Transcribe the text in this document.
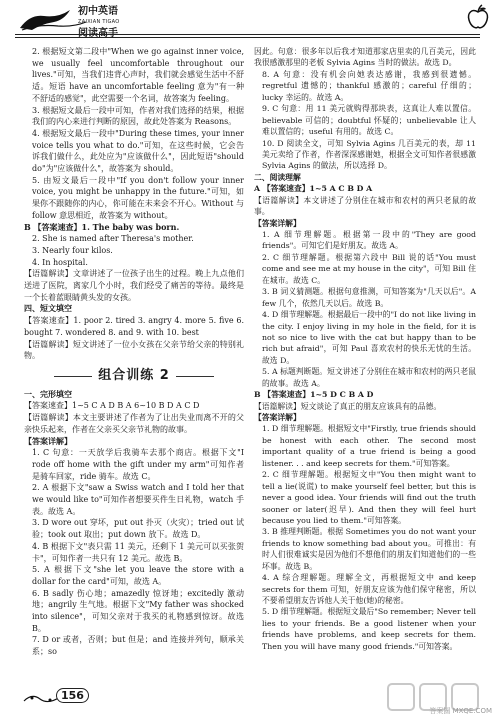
初中英语
ZAIXIAN TIGAO
阅读高手

2. 根据短文第二段中"When we go against inner voice, we usually feel uncomfortable throughout our lives."可知，当我们违背心声时，我们就会感觉生活中不舒适。短语 have an uncomfortable feeling 意为"有一种不舒适的感觉"，此空需要一个名词，故答案为 feeling。

3. 根据短文最后一段中可知，作者对我们选择的结果，根据我们的内心来进行判断的原因，故此处答案为 Reasons。

4. 根据短文最后一段中"During these times, your inner voice tells you what to do."可知，在这些时候，它会告诉我们做什么，此处应为"应该做什么"，因此短语"should do"为"应该做什么"，故答案为 should。

5. 由短文最后一段中"If you don't follow your inner voice, you might be unhappy in the future."可知，如果你不跟随你的内心，你可能在未来会不开心。Without 与 follow 意思相近，故答案为 without。

B 【答案速查】1. The baby was born.

2. She is named after Theresa's mother.

3. Nearly four kilos.

4. In hospital.

【语篇解读】文章讲述了一位孩子出生的过程。晚上九点他们送进了医院，离家几个小时，我们经受了痛苦的等待。最终是一个长着蓝眼睛黄头发的女孩。

四、短文填空

【答案速查】1. poor 2. tired 3. angry 4. more 5. five 6. bought 7. wondered 8. and 9. with 10. best

【语篇解读】短文讲述了一位小女孩在父亲节给父亲的特别礼物。

组合训练 2

一、完形填空

【答案速查】1~5 C A D B A 6~10 B D A C D

【语篇解读】本文主要讲述了作者为了让出失业而离不开的父亲快乐起来，作者在父亲买父亲节礼物的故事。

【答案详解】

1. C 句意：一天放学后我骑车去那个商店。根据下文"I rode off home with the gift under my arm"可知作者是骑车回家，ride 骑车。故选 C。

2. A 根据下文"saw a Swiss watch and I told her that we would like to"可知作者想要买件生日礼物，watch 手表。故选 A。

3. D wore out 穿坏，put out 扑灭（火灾）；tried out 试验；took out 取出；put down 放下。故选 D。

4. B 根据下文"表只需 11 美元，还剩下 1 美元可以买张贺卡"，可知作者一共只有 12 美元。故选 B。

5. A 根据下文"she let you leave the store with a dollar for the card"可知，故选 A。

6. B sadly 伤心地；amazedly 惊讶地；excitedly 激动地；angrily 生气地。根据下文"My father was shocked into silence"，可知父亲对于我买的礼物感到惊讶。故选 B。

7. D or 或者，否则；but 但是；and 连接并列句，顺承关系；so

因此。句意：很多年以后我才知道那家店里卖的几百美元，因此我很感激那里的老板 Sylvia Agins 当时的做法。故选 D。

8. A 句意：没有机会向她表达感谢，我感到很遗憾。regretful 遗憾的；thankful 感激的；careful 仔细的；lucky 幸运的。故选 A。

9. C 句意：用 11 美元就购得那块表，这真让人难以置信。believable 可信的；doubtful 怀疑的；unbelievable 让人难以置信的；useful 有用的。故选 C。

10. D 阅读全文，可知 Sylvia Agins 几百美元的表，却 11 美元卖给了作者，作者深深感谢她，根据全文可知作者很感激 Sylvia Agins 的做法，所以选择 D。

二、阅读理解

A 【答案速查】1~5 A C B D A

【语篇解读】本文讲述了分别住在城市和农村的两只老鼠的故事。

【答案详解】

1. A 细节理解题。根据第一段中的"They are good friends"。可知它们是好朋友。故选 A。

2. C 细节理解题。根据第六段中 Bill 说的话"You must come and see me at my house in the city"，可知 Bill 住在城市。故选 C。

3. B 词义猜测题。根据句意推测，可知答案为"几天以后"。A few 几个，依然几天以后。故选 B。

4. D 细节理解题。根据最后一段中的"I do not like living in the city. I enjoy living in my hole in the field, for it is not so nice to live with the cat but happy than to be rich but afraid"，可知 Paul 喜欢农村的快乐无忧的生活。故选 D。

5. A 标题判断题。短文讲述了分别住在城市和农村的两只老鼠的故事。故选 A。

B 【答案速查】1~5 D C B A D

【语篇解读】短文谈论了真正的朋友应该具有的品德。

【答案详解】

1. D 细节理解题。根据短文中"Firstly, true friends should be honest with each other. The second most important quality of a true friend is being a good listener. . . and keep secrets for them."可知答案。

2. C 细节理解题。根据短文中"You then might want to tell a lie(说谎) to make yourself feel better, but this is never a good idea. Your friends will find out the truth sooner or later(迟早). And then they will feel hurt because you lied to them."可知答案。

3. B 推理判断题。根据 Sometimes you do not want your friends to know something bad about you。可推出：有时人们很难诚实是因为他们不想他们的朋友们知道他们的一些坏事。故选 B。

4. A 综合理解题。理解全文，再根据短文中 and keep secrets for them 可知，好朋友应该为他们保守秘密，所以不要希望朋友告诉他人关于他(她)的秘密。

5. D 细节理解题。根据短文最后"So remember; Never tell lies to your friends. Be a good listener when your friends have problems, and keep secrets for them. Then you will have many good friends."可知答案。

156
答案圈 MXQE.COM
